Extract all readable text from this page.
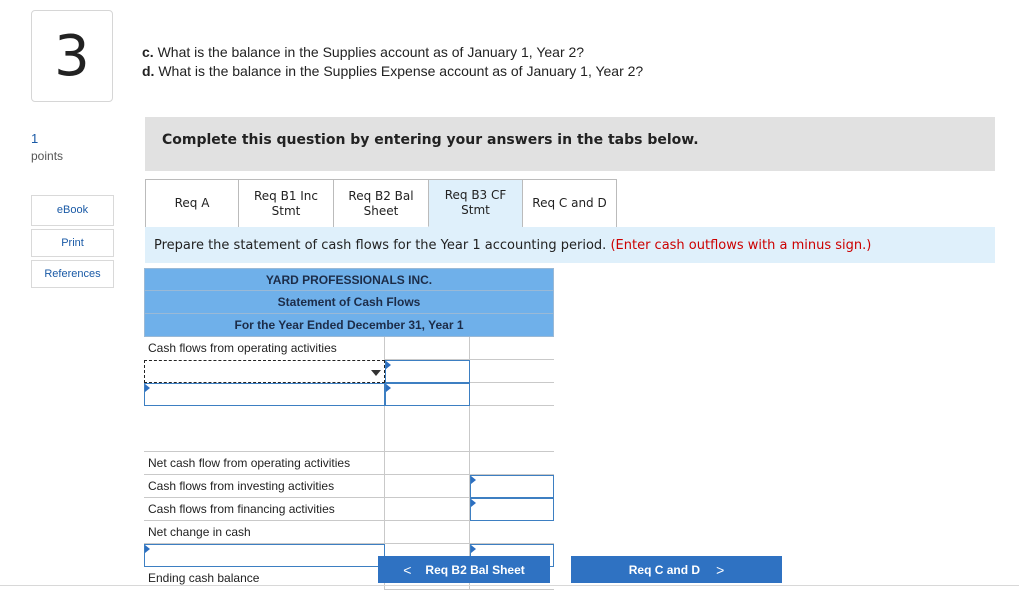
3
1
points
eBook
Print
References
c. What is the balance in the Supplies account as of January 1, Year 2?
d. What is the balance in the Supplies Expense account as of January 1, Year 2?
Complete this question by entering your answers in the tabs below.
Req A
Req B1 Inc
Stmt
Req B2 Bal
Sheet
Req B3 CF
Stmt	Req C and D
Prepare the statement of cash flows for the Year 1 accounting period. (Enter cash outflows with a minus sign.)
YARD PROFESSIONALS INC.
Statement of Cash Flows
For the Year Ended December 31, Year 1
Cash flows from operating activities
Net cash flow from operating activities
Cash flows from investing activities
Cash flows from financing activities
Net change in cash
Ending cash balance
< Req B2 Bal Sheet	Req C and D >
